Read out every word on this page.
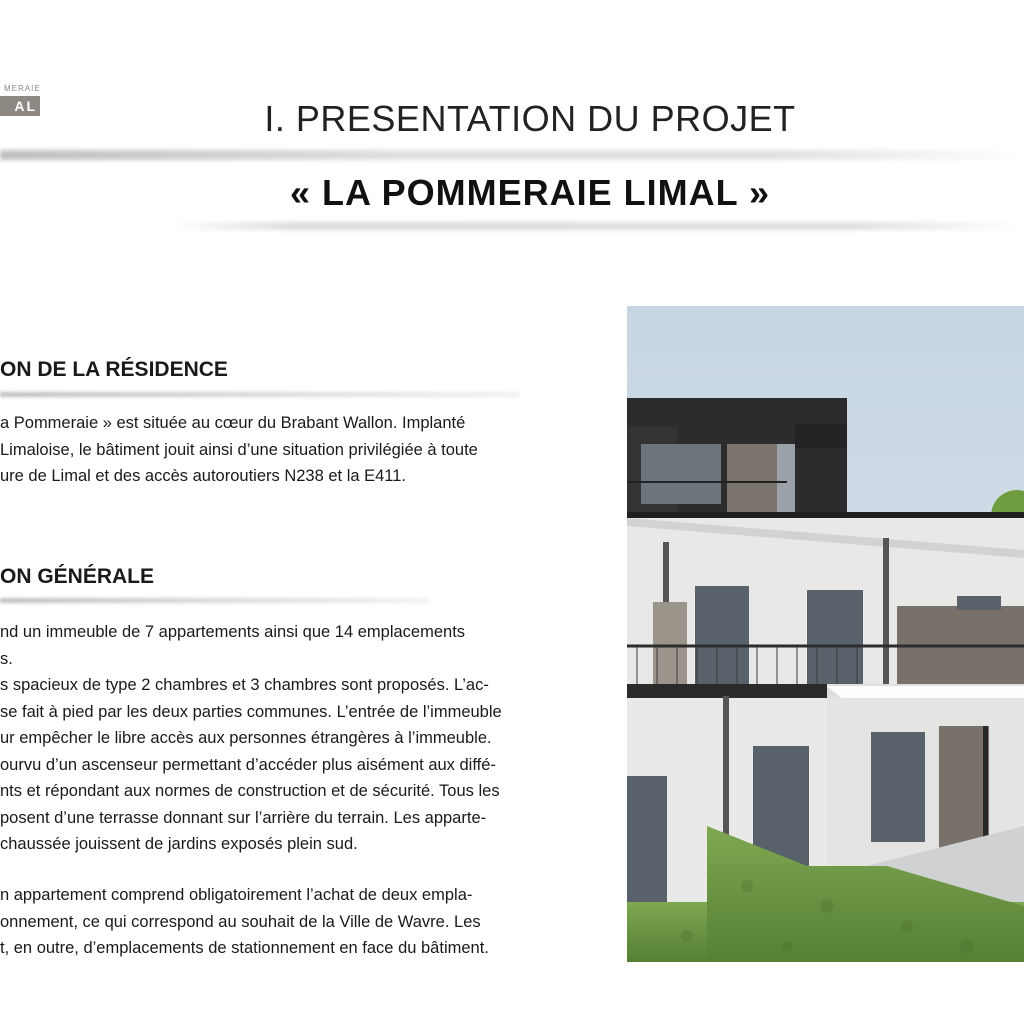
MERAIE
AL	I. PRESENTATION DU PROJET
« LA POMMERAIE LIMAL »
ON DE LA RÉSIDENCE
a Pommeraie » est située au cœur du Brabant Wallon. Implanté
Limaloise, le bâtiment jouit ainsi d’une situation privilégiée à toute
ure de Limal et des accès autoroutiers N238 et la E411.
ON GÉNÉRALE
nd un immeuble de 7 appartements ainsi que 14 emplacements
s.
s spacieux de type 2 chambres et 3 chambres sont proposés. L’ac-
se fait à pied par les deux parties communes. L’entrée de l’immeuble
ur empêcher le libre accès aux personnes étrangères à l’immeuble.
ourvu d’un ascenseur permettant d’accéder plus aisément aux diffé-
nts et répondant aux normes de construction et de sécurité. Tous les
posent d’une terrasse donnant sur l’arrière du terrain. Les apparte-
chaussée jouissent de jardins exposés plein sud.
n appartement comprend obligatoirement l’achat de deux empla-
onnement, ce qui correspond au souhait de la Ville de Wavre. Les
t, en outre, d’emplacements de stationnement en face du bâtiment.
